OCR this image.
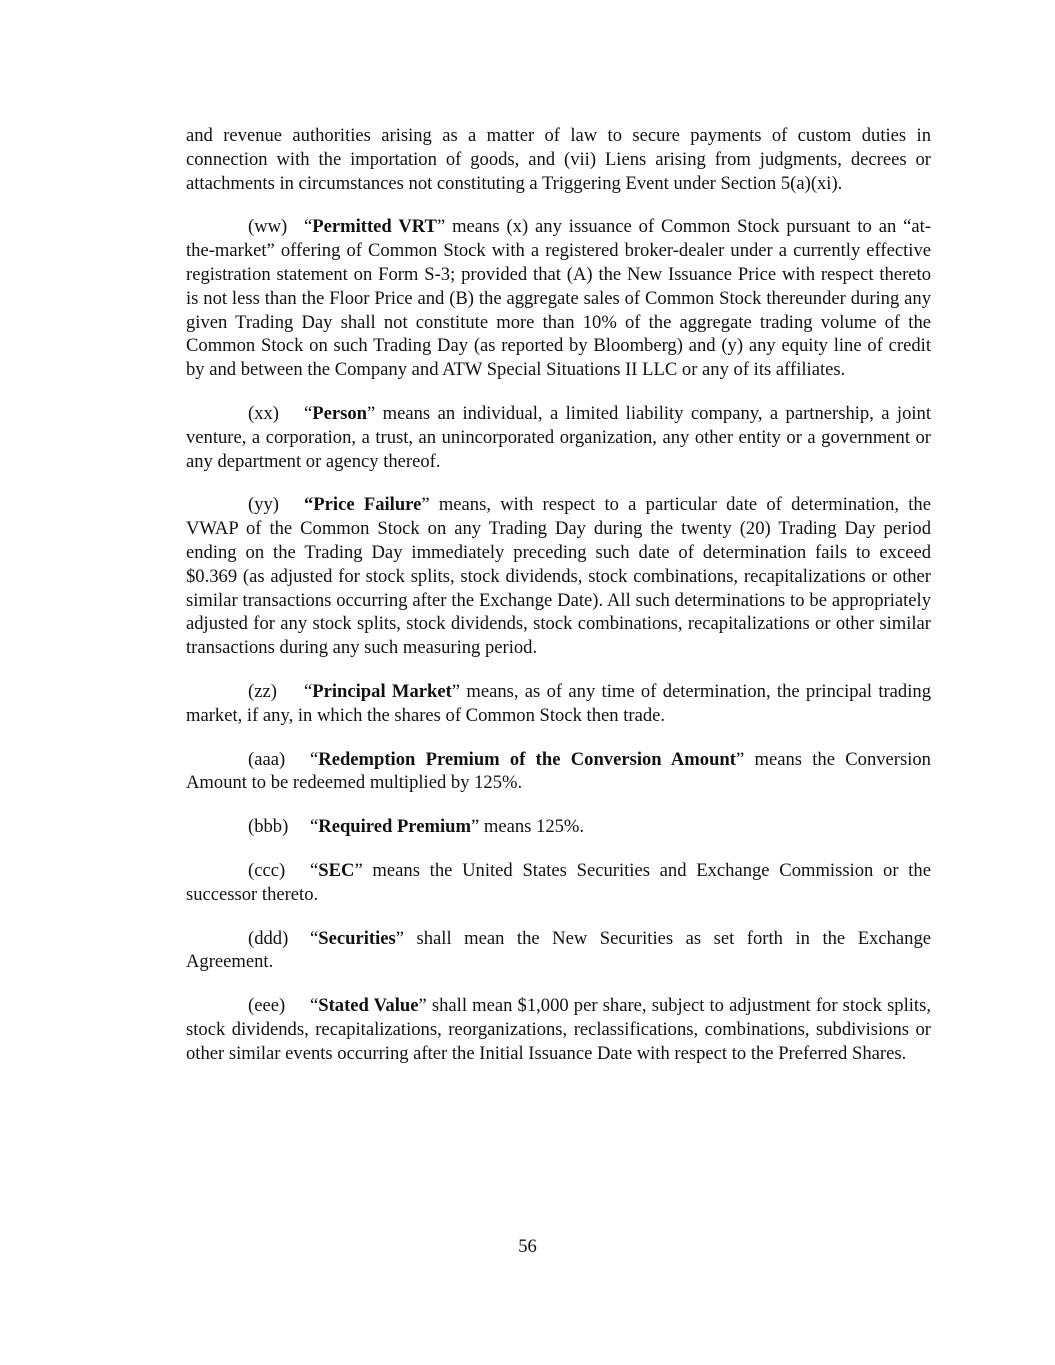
and revenue authorities arising as a matter of law to secure payments of custom duties in connection with the importation of goods, and (vii) Liens arising from judgments, decrees or attachments in circumstances not constituting a Triggering Event under Section 5(a)(xi).

(ww) “Permitted VRT” means (x) any issuance of Common Stock pursuant to an “at-the-market” offering of Common Stock with a registered broker-dealer under a currently effective registration statement on Form S-3; provided that (A) the New Issuance Price with respect thereto is not less than the Floor Price and (B) the aggregate sales of Common Stock thereunder during any given Trading Day shall not constitute more than 10% of the aggregate trading volume of the Common Stock on such Trading Day (as reported by Bloomberg) and (y) any equity line of credit by and between the Company and ATW Special Situations II LLC or any of its affiliates.

(xx) “Person” means an individual, a limited liability company, a partnership, a joint venture, a corporation, a trust, an unincorporated organization, any other entity or a government or any department or agency thereof.

(yy) “Price Failure” means, with respect to a particular date of determination, the VWAP of the Common Stock on any Trading Day during the twenty (20) Trading Day period ending on the Trading Day immediately preceding such date of determination fails to exceed $0.369 (as adjusted for stock splits, stock dividends, stock combinations, recapitalizations or other similar transactions occurring after the Exchange Date). All such determinations to be appropriately adjusted for any stock splits, stock dividends, stock combinations, recapitalizations or other similar transactions during any such measuring period.

(zz) “Principal Market” means, as of any time of determination, the principal trading market, if any, in which the shares of Common Stock then trade.

(aaa) “Redemption Premium of the Conversion Amount” means the Conversion Amount to be redeemed multiplied by 125%.

(bbb) “Required Premium” means 125%.

(ccc) “SEC” means the United States Securities and Exchange Commission or the successor thereto.

(ddd) “Securities” shall mean the New Securities as set forth in the Exchange Agreement.

(eee) “Stated Value” shall mean $1,000 per share, subject to adjustment for stock splits, stock dividends, recapitalizations, reorganizations, reclassifications, combinations, subdivisions or other similar events occurring after the Initial Issuance Date with respect to the Preferred Shares.

56
